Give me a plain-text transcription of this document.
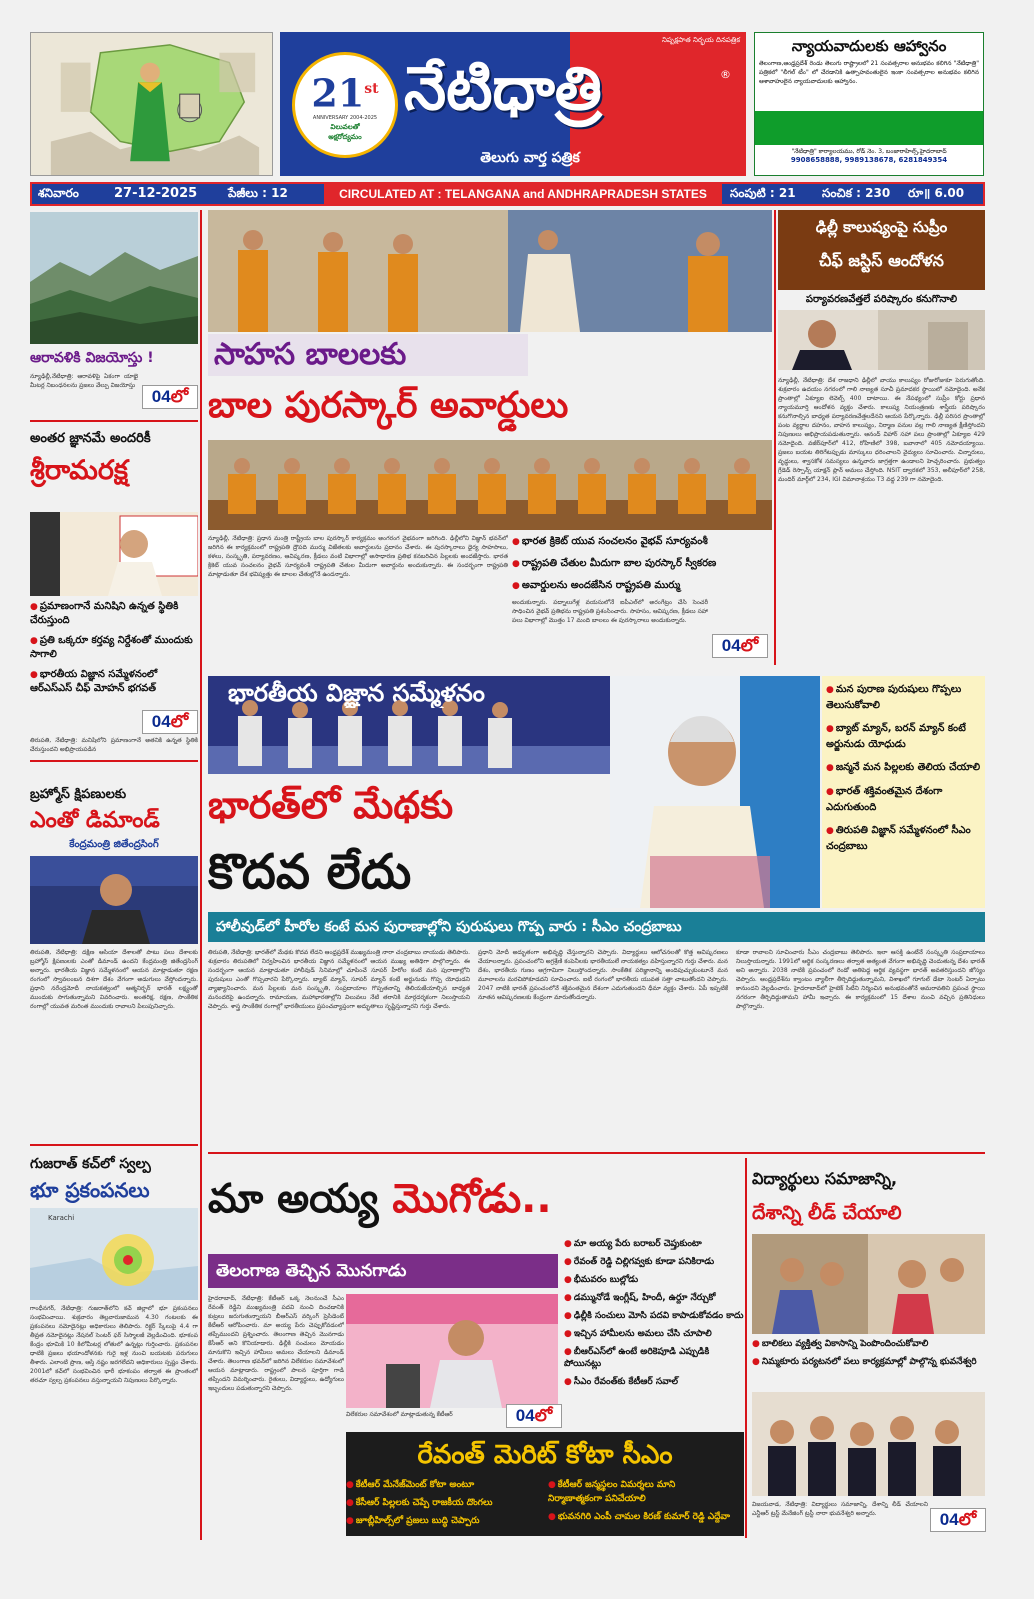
నిష్పక్షపాత నిర్భయ దినపత్రిక
21st
ANNIVERSARY 2004-2025
విలువలతో
అక్షరోద్యమం
నేటిధాత్రి	®
తెలుగు వార్త పత్రిక
న్యాయవాదులకు ఆహ్వానం
తెలంగాణ,ఆంధ్రప్రదేశ్ రెండు తెలుగు రాష్ట్రాలలో 21 సంవత్సరాల అనుభవం కలిగిన "నేటిధాత్రి" పత్రికలో "లీగల్ టీం" లో చేరడానికి ఉత్సాహవంతులైన ఇంకా సంవత్సరాల అనుభవం కలిగిన ఆశావాహులైన న్యాయవాదులకు ఆహ్వానం.
"నేటిధాత్రి" కార్యాలయము, రోడ్ నెం. 3, బంజారాహిల్స్,హైదరాబాద్
9908658888, 9989138678, 6281849354
శనివారం	27-12-2025	పేజీలు : 12	CIRCULATED AT : TELANGANA and ANDHRAPRADESH STATES	సంపుటి : 21 సంచిక : 230 రూ॥ 6.00
ఆరావళికి విజయోస్తు !
న్యూఢిల్లీ,నేటిధాత్రి: ఆరావళిపై ఏకంగా యాభై మీటర్ల నిబంధనలను ప్రజలు వేల్పు విజయోస్తు
04లో
అంతర జ్ఞానమే అందరికీ
శ్రీరామరక్ష
● ప్రమాణంగానే మనిషిని ఉన్నత స్థితికి చేరుస్తుంది
● ప్రతి ఒక్కరూ కర్తవ్య నిర్దేశంతో ముందుకు సాగాలి
● భారతీయ విజ్ఞాన సమ్మేళనంలో ఆర్ఎస్ఎస్ చీఫ్ మోహన్ భగవత్
04లో
తిరుపతి, నేటిధాత్రి: మనిషిలోని ప్రమాణంగానే అతనికి ఉన్నత స్థితికి చేరుస్తుందని అభిప్రాయపడిన
బ్రహ్మోస్ క్షిపణులకు
ఎంతో డిమాండ్
కేంద్రమంత్రి జితేంద్రసింగ్
తిరుపతి, నేటిధాత్రి: దక్షిణ ఆసియా దేశాలతో పాటు పలు దేశాలకు బ్రహ్మోస్ క్షిపణులకు ఎంతో డిమాండ్ ఉందని కేంద్రమంత్రి జితేంద్రసింగ్ అన్నారు. భారతీయ విజ్ఞాన సమ్మేళనంలో ఆయన మాట్లాడుతూ రక్షణ రంగంలో స్వావలంబన దిశగా దేశం వేగంగా అడుగులు వేస్తోందన్నారు. ప్రధాని నరేంద్రమోదీ నాయకత్వంలో ఆత్మనిర్భర్ భారత్ లక్ష్యంతో ముందుకు సాగుతున్నామని వివరించారు. అంతరిక్ష, రక్షణ, సాంకేతిక రంగాల్లో యువత మరింత ముందుకు రావాలని పిలుపునిచ్చారు.
గుజరాత్ కచ్‌లో స్వల్ప
భూ ప్రకంపనలు
Karachi
గాంధీనగర్, నేటిధాత్రి: గుజరాత్‌లోని కచ్ జిల్లాలో భూ ప్రకంపనలు సంభవించాయి. శుక్రవారం తెల్లవారుజామున 4.30 గంటలకు ఈ ప్రకంపనలు నమోదైనట్లు అధికారులు తెలిపారు. రిక్టర్ స్కేలుపై 4.4 గా తీవ్రత నమోదైనట్లు నేషనల్ సెంటర్ ఫర్ సిస్మాలజీ వెల్లడించింది. భూకంప కేంద్రం భూమికి 10 కిలోమీటర్ల లోతులో ఉన్నట్లు గుర్తించారు. ప్రకంపనల ధాటికి ప్రజలు భయాందోళనకు గురై ఇళ్ల నుంచి బయటకు పరుగులు తీశారు. ఎలాంటి ప్రాణ, ఆస్తి నష్టం జరగలేదని అధికారులు స్పష్టం చేశారు. 2001లో కచ్‌లో సంభవించిన భారీ భూకంపం తర్వాత ఈ ప్రాంతంలో తరచూ స్వల్ప ప్రకంపనలు వస్తున్నాయని నిపుణులు పేర్కొన్నారు.
సాహస బాలలకు
బాల పురస్కార్ అవార్డులు
న్యూఢిల్లీ, నేటిధాత్రి: ప్రధాన మంత్రి రాష్ట్రీయ బాల పురస్కార్ కార్యక్రమం అంగరంగ వైభవంగా జరిగింది. ఢిల్లీలోని విజ్ఞాన్ భవన్‌లో జరిగిన ఈ కార్యక్రమంలో రాష్ట్రపతి ద్రౌపది ముర్ము విజేతలకు అవార్డులను ప్రదానం చేశారు. ఈ పురస్కారాలు ధైర్య సాహసాలు, కళలు, సంస్కృతి, పర్యావరణం, ఆవిష్కరణ, క్రీడలు వంటి విభాగాల్లో అసాధారణ ప్రతిభ కనబరిచిన పిల్లలకు అందజేస్తారు. భారత క్రికెట్ యువ సంచలనం వైభవ్ సూర్యవంశీ రాష్ట్రపతి చేతుల మీదుగా అవార్డును అందుకున్నారు. ఈ సందర్భంగా రాష్ట్రపతి మాట్లాడుతూ దేశ భవిష్యత్తు ఈ బాలల చేతుల్లోనే ఉందన్నారు.
● భారత క్రికెట్ యువ సంచలనం వైభవ్ సూర్యవంశీ
● రాష్ట్రపతి చేతుల మీదుగా బాల పురస్కార్ స్వీకరణ
● అవార్డులను అందజేసిన రాష్ట్రపతి ముర్ము
అందుకున్నారు. పద్నాలుగేళ్ల వయసులోనే ఐపీఎల్‌లో అరంగేట్రం చేసి సెంచరీ సాధించిన వైభవ్ ప్రతిభను రాష్ట్రపతి ప్రశంసించారు. సాహసం, ఆవిష్కరణ, క్రీడలు సహా పలు విభాగాల్లో మొత్తం 17 మంది బాలలు ఈ పురస్కారాలు అందుకున్నారు.
04లో
ఢిల్లీ కాలుష్యంపై సుప్రీం
చీఫ్ జస్టిస్ ఆందోళన
పర్యావరణవేత్తలే పరిష్కారం కనుగొనాలి
న్యూఢిల్లీ, నేటిధాత్రి: దేశ రాజధాని ఢిల్లీలో వాయు కాలుష్యం రోజురోజుకూ పెరుగుతోంది. శుక్రవారం ఉదయం నగరంలో గాలి నాణ్యత సూచీ ప్రమాదకర స్థాయిలో నమోదైంది. అనేక ప్రాంతాల్లో ఏక్యూఐ లెవెల్స్ 400 దాటాయి. ఈ నేపథ్యంలో సుప్రీం కోర్టు ప్రధాన న్యాయమూర్తి ఆందోళన వ్యక్తం చేశారు. కాలుష్య నియంత్రణకు శాస్త్రీయ పరిష్కారం కనుగొనాల్సిన బాధ్యత పర్యావరణవేత్తలదేనని ఆయన పేర్కొన్నారు. ఢిల్లీ పరిసర ప్రాంతాల్లో పంట వ్యర్థాల దహనం, వాహన కాలుష్యం, నిర్మాణ పనుల వల్ల గాలి నాణ్యత క్షీణిస్తోందని నిపుణులు అభిప్రాయపడుతున్నారు. ఆనంద్ విహార్ సహా పలు ప్రాంతాల్లో ఏక్యూఐ 429 నమోదైంది. వజీర్‌పూర్‌లో 412, రోహిణిలో 398, బవానాలో 405 నమోదయ్యాయి. ప్రజలు బయట తిరిగేటప్పుడు మాస్కులు ధరించాలని వైద్యులు సూచించారు. చిన్నారులు, వృద్ధులు, శ్వాసకోశ సమస్యలు ఉన్నవారు జాగ్రత్తగా ఉండాలని హెచ్చరించారు. ప్రభుత్వం గ్రేడెడ్ రెస్పాన్స్ యాక్షన్ ప్లాన్ అమలు చేస్తోంది. NSIT ద్వారకలో 353, అలీపూర్‌లో 258, మందిర్ మార్గ్‌లో 234, IGI విమానాశ్రయం T3 వద్ద 239 గా నమోదైంది.
భారతీయ విజ్ఞాన సమ్మేళనం
భారత్‌లో మేథకు
కొదవ లేదు
● మన పురాణ పురుషులు గొప్పలు తెలుసుకోవాలి
● బ్యాట్ మ్యాన్, బరన్ మ్యాన్ కంటే అర్జునుడు యోధుడు
● జన్మనే మన పిల్లలకు తెలియ చేయాలి
● భారత్ శక్తివంతమైన దేశంగా ఎదుగుతుంది
● తిరుపతి విజ్ఞాన్ సమ్మేళనంలో సీఎం చంద్రబాబు
హాలీవుడ్‌లో హీరోల కంటే మన పురాణాల్లోని పురుషులు గొప్ప వారు : సీఎం చంద్రబాబు
తిరుపతి, నేటిధాత్రి: భారత్‌లో మేథకు కొదవ లేదని ఆంధ్రప్రదేశ్ ముఖ్యమంత్రి నారా చంద్రబాబు నాయుడు తెలిపారు. శుక్రవారం తిరుపతిలో నిర్వహించిన భారతీయ విజ్ఞాన సమ్మేళనంలో ఆయన ముఖ్య అతిథిగా పాల్గొన్నారు. ఈ సందర్భంగా ఆయన మాట్లాడుతూ హాలీవుడ్ సినిమాల్లో చూపించే సూపర్ హీరోల కంటే మన పురాణాల్లోని పురుషులు ఎంతో గొప్పవారని పేర్కొన్నారు. బ్యాట్ మ్యాన్, సూపర్ మ్యాన్ కంటే అర్జునుడు గొప్ప యోధుడని వ్యాఖ్యానించారు. మన పిల్లలకు మన సంస్కృతి, సంప్రదాయాల గొప్పతనాన్ని తెలియజేయాల్సిన బాధ్యత మనందరిపై ఉందన్నారు. రామాయణ, మహాభారతాల్లోని విలువలు నేటి తరానికి మార్గదర్శకంగా నిలుస్తాయని చెప్పారు. శాస్త్ర సాంకేతిక రంగాల్లో భారతీయులు ప్రపంచవ్యాప్తంగా అద్భుతాలు సృష్టిస్తున్నారని గుర్తు చేశారు.
ప్రధాని మోదీ అద్భుతంగా అభివృద్ధి చేస్తున్నారని చెప్పారు. విద్యార్థులు ఆలోచనలతో కొత్త ఆవిష్కరణలు చేయాలన్నారు. ప్రపంచంలోని అగ్రశ్రేణి కంపెనీలకు భారతీయులే నాయకత్వం వహిస్తున్నారని గుర్తు చేశారు. మన దేశం, భారతీయ గుణం అగ్రగామిగా నిలుస్తోందన్నారు. సాంకేతిక పరిజ్ఞానాన్ని అందిపుచ్చుకుంటూనే మన మూలాలను మరచిపోకూడదని సూచించారు. ఐటీ రంగంలో భారతీయ యువత సత్తా చాటుతోందని చెప్పారు. 2047 నాటికి భారత్ ప్రపంచంలోనే శక్తివంతమైన దేశంగా ఎదుగుతుందని ధీమా వ్యక్తం చేశారు. ఏపీ ఇప్పటికే నూతన ఆవిష్కరణలకు కేంద్రంగా మారుతోందన్నారు.
కూడా రావాలని సూచించారు సీఎం చంద్రబాబు తెలిపారు. ఇలా ఆసక్తి ఉంటేనే సంస్కృతి సంప్రదాయాలు నిలుస్తాయన్నారు. 1991లో ఆర్థిక సంస్కరణలు తర్వాత అత్యంత వేగంగా అభివృద్ధి చెందుతున్న దేశం భారత్ అని అన్నారు. 2038 నాటికి ప్రపంచంలో రెండో అతిపెద్ద ఆర్థిక వ్యవస్థగా భారత్ అవతరిస్తుందని జోస్యం చెప్పారు. ఆంధ్రప్రదేశ్‌ను క్వాంటం వ్యాలీగా తీర్చిదిద్దుతున్నామని, విశాఖలో గూగుల్ డేటా సెంటర్ ఏర్పాటు కానుందని వెల్లడించారు. హైదరాబాద్‌లో హైటెక్ సిటీని నిర్మించిన అనుభవంతోనే అమరావతిని ప్రపంచ స్థాయి నగరంగా తీర్చిదిద్దుతామని హామీ ఇచ్చారు. ఈ కార్యక్రమంలో 15 దేశాల నుంచి వచ్చిన ప్రతినిధులు పాల్గొన్నారు.
మా అయ్య మొగోడు..
తెలంగాణ తెచ్చిన మొనగాడు
● మా అయ్య పేరు బరాబర్ చెప్తుకుంటా
● రేవంత్ రెడ్డి చిల్లిగవ్వకు కూడా పనికిరాడు
● భీమవరం బుల్లోడు
● డమ్మునోడే ఇంగ్లీష్, హిందీ, ఉర్దూ నేర్చుకో
● ఢిల్లీకి సంచులు మోసి పదవి కాపాడుకోవడం కాదు
● ఇచ్చిన హామీలను అమలు చేసి చూపాలి
● బీఆర్ఎస్‌లో ఉంటే అరికెపూడి ఎప్పుడికి పోయినట్లు
● సీఎం రేవంత్‌కు కేటీఆర్ సవాల్
హైదరాబాద్, నేటిధాత్రి: కేటీఆర్ ఒక్క నెలనుంచే సీఎం రేవంత్ రెడ్డిని ముఖ్యమంత్రి పదవి నుంచి దించడానికి కుట్రలు జరుగుతున్నాయని బీఆర్ఎస్ వర్కింగ్ ప్రెసిడెంట్ కేటీఆర్ ఆరోపించారు. మా అయ్య పేరు చెప్పుకోవడంలో తప్పేముందని ప్రశ్నించారు. తెలంగాణ తెచ్చిన మొనగాడు కేసీఆర్ అని కొనియాడారు. ఢిల్లీకి సంచులు మోయడం మానుకొని ఇచ్చిన హామీలు అమలు చేయాలని డిమాండ్ చేశారు. తెలంగాణ భవన్‌లో జరిగిన విలేకరుల సమావేశంలో ఆయన మాట్లాడారు. రాష్ట్రంలో పాలన పూర్తిగా గాడి తప్పిందని విమర్శించారు. రైతులు, విద్యార్థులు, ఉద్యోగులు ఇబ్బందులు పడుతున్నారని చెప్పారు.
విలేకరుల సమావేశంలో మాట్లాడుతున్న కేటీఆర్	04లో
రేవంత్ మెరిట్ కోటా సీఎం
● కేటీఆర్ మేనేజ్‌మెంట్ కోటా అంటూ
● కేసీఆర్ పిల్లలకు చెప్పే రాజకీయ దొంగలు
● జూబ్లీహిల్స్‌లో ప్రజలు బుద్ధి చెప్పారు
● కేటీఆర్ జన్మస్థలం విమర్శలు మాని నిర్మాణాత్మకంగా పనిచేయాలి
● భువనగిరి ఎంపీ చామల కిరణ్ కుమార్ రెడ్డి ఎద్దేవా
విద్యార్థులు సమాజాన్ని,
దేశాన్ని లీడ్ చేయాలి
● బాలికలు వ్యక్తిత్వ వికాసాన్ని పెంపొందించుకోవాలి
● నిమ్మకూరు పర్యటనలో పలు కార్యక్రమాల్లో పాల్గొన్న భువనేశ్వరి
విజయవాడ, నేటిధాత్రి: విద్యార్థులు సమాజాన్ని, దేశాన్ని లీడ్ చేయాలని ఎన్టీఆర్ ట్రస్ట్ మేనేజింగ్ ట్రస్టీ నారా భువనేశ్వరి అన్నారు.	04లో
